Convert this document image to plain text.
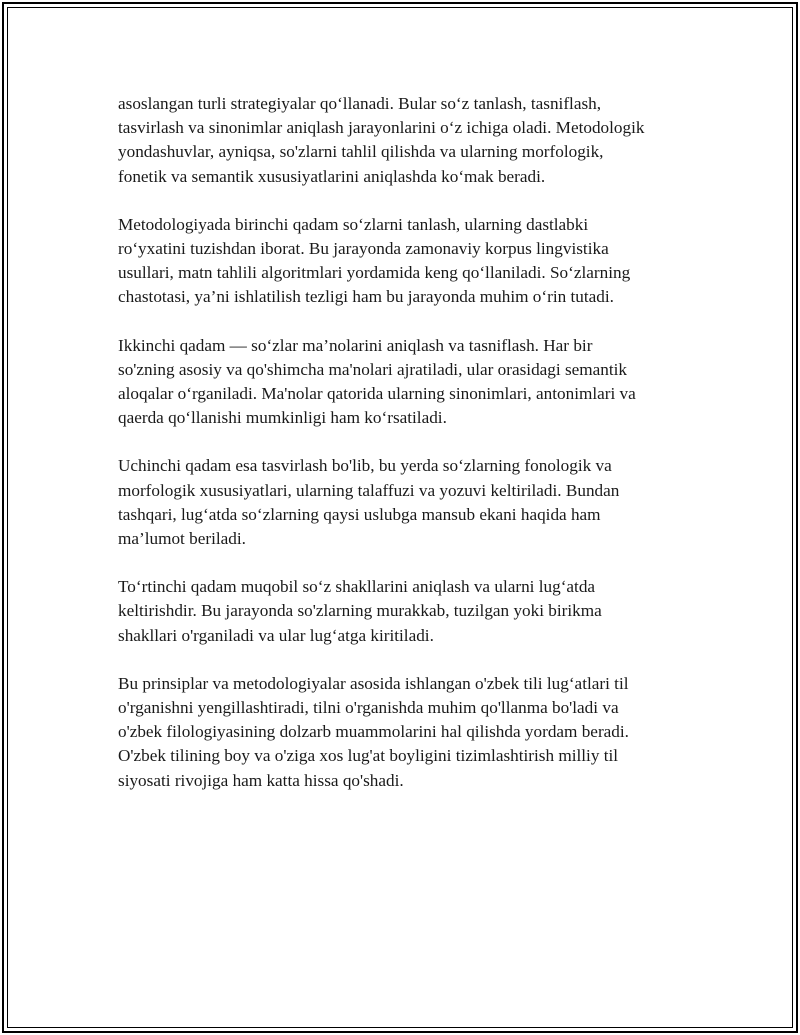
asoslangan turli strategiyalar qo‘llanadi. Bular so‘z tanlash, tasniflash,
tasvirlash va sinonimlar aniqlash jarayonlarini o‘z ichiga oladi. Metodologik
yondashuvlar, ayniqsa, so'zlarni tahlil qilishda va ularning morfologik,
fonetik va semantik xususiyatlarini aniqlashda ko‘mak beradi.

Metodologiyada birinchi qadam so‘zlarni tanlash, ularning dastlabki
ro‘yxatini tuzishdan iborat. Bu jarayonda zamonaviy korpus lingvistika
usullari, matn tahlili algoritmlari yordamida keng qo‘llaniladi. So‘zlarning
chastotasi, ya’ni ishlatilish tezligi ham bu jarayonda muhim o‘rin tutadi.

Ikkinchi qadam — so‘zlar ma’nolarini aniqlash va tasniflash. Har bir
so'zning asosiy va qo'shimcha ma'nolari ajratiladi, ular orasidagi semantik
aloqalar o‘rganiladi. Ma'nolar qatorida ularning sinonimlari, antonimlari va
qaerda qo‘llanishi mumkinligi ham ko‘rsatiladi.

Uchinchi qadam esa tasvirlash bo'lib, bu yerda so‘zlarning fonologik va
morfologik xususiyatlari, ularning talaffuzi va yozuvi keltiriladi. Bundan
tashqari, lug‘atda so‘zlarning qaysi uslubga mansub ekani haqida ham
ma’lumot beriladi.

To‘rtinchi qadam muqobil so‘z shakllarini aniqlash va ularni lug‘atda
keltirishdir. Bu jarayonda so'zlarning murakkab, tuzilgan yoki birikma
shakllari o'rganiladi va ular lug‘atga kiritiladi.

Bu prinsiplar va metodologiyalar asosida ishlangan o'zbek tili lug‘atlari til
o'rganishni yengillashtiradi, tilni o'rganishda muhim qo'llanma bo'ladi va
o'zbek filologiyasining dolzarb muammolarini hal qilishda yordam beradi.
O'zbek tilining boy va o'ziga xos lug'at boyligini tizimlashtirish milliy til
siyosati rivojiga ham katta hissa qo'shadi.
